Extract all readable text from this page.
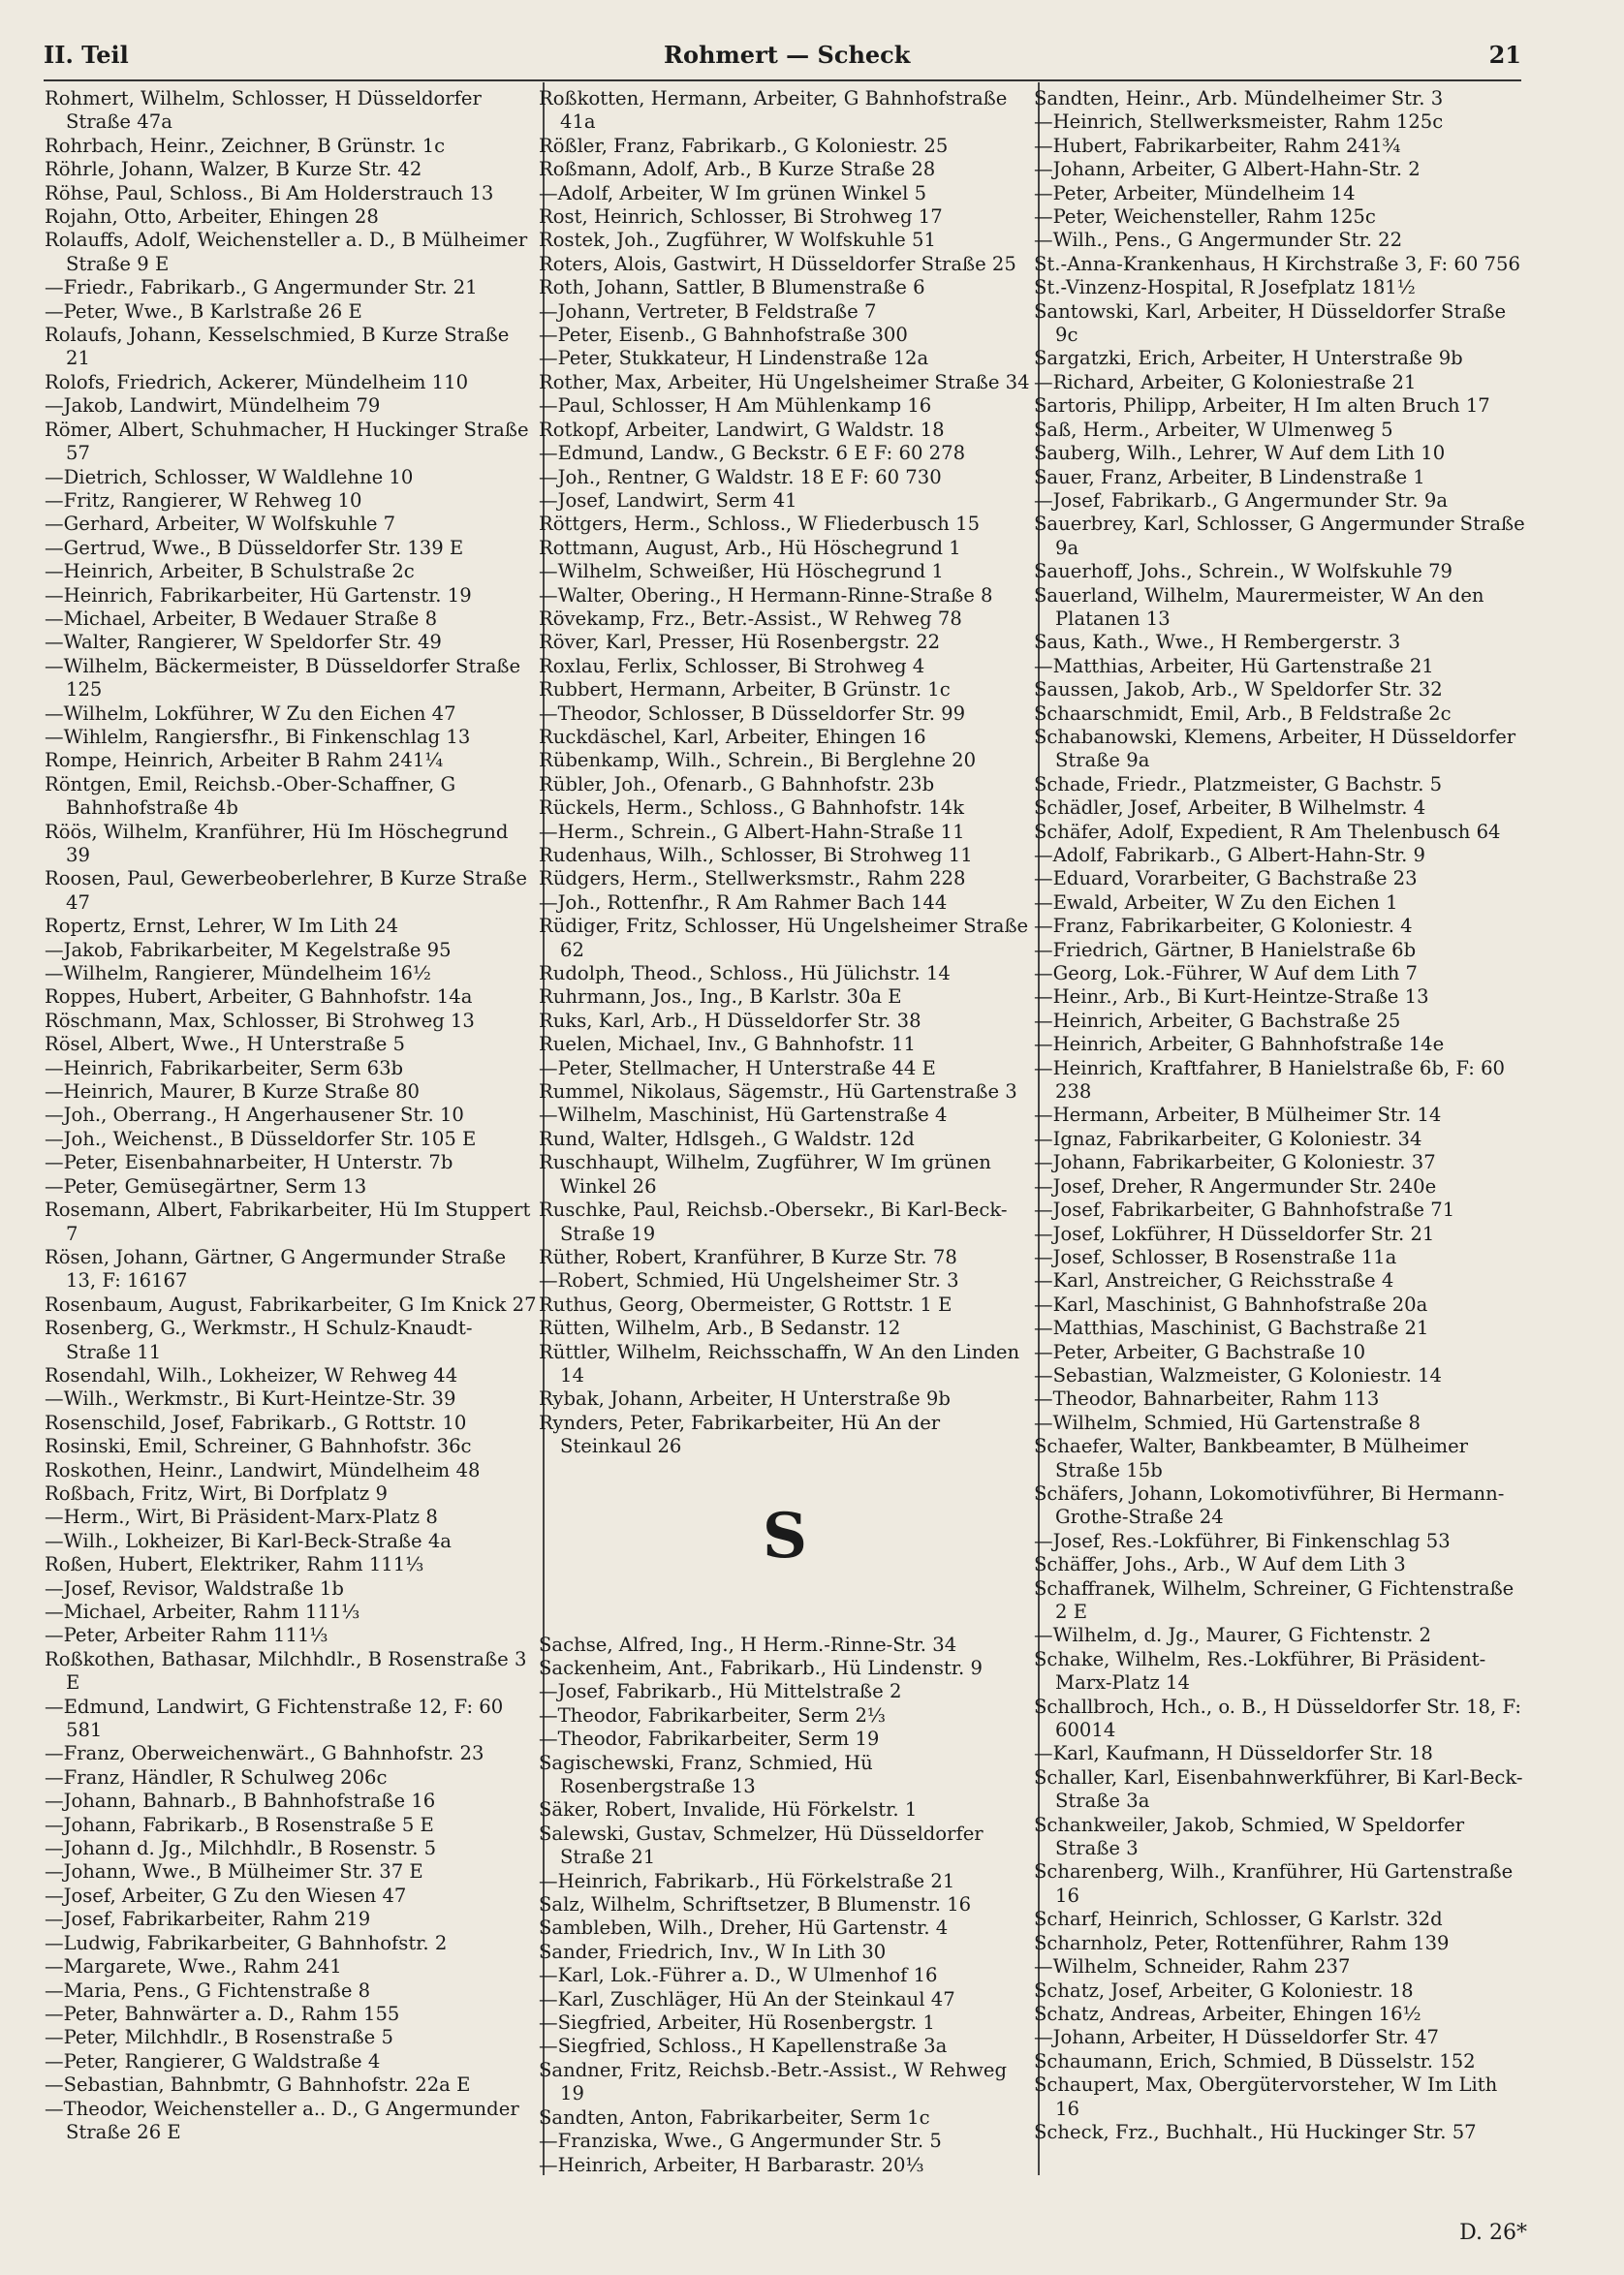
II. Teil	Rohmert — Scheck	21
Rohmert, Wilhelm, Schlosser, H Düsseldorfer Straße 47a
Rohrbach, Heinr., Zeichner, B Grünstr. 1c
Röhrle, Johann, Walzer, B Kurze Str. 42
Röhse, Paul, Schloss., Bi Am Holderstrauch 13
Rojahn, Otto, Arbeiter, Ehingen 28
Rolauffs, Adolf, Weichensteller a. D., B Mülheimer Straße 9 E
—Friedr., Fabrikarb., G Angermunder Str. 21
—Peter, Wwe., B Karlstraße 26 E
Rolaufs, Johann, Kesselschmied, B Kurze Straße 21
Rolofs, Friedrich, Ackerer, Mündelheim 110
—Jakob, Landwirt, Mündelheim 79
Römer, Albert, Schuhmacher, H Huckinger Straße 57
—Dietrich, Schlosser, W Waldlehne 10
—Fritz, Rangierer, W Rehweg 10
—Gerhard, Arbeiter, W Wolfskuhle 7
—Gertrud, Wwe., B Düsseldorfer Str. 139 E
—Heinrich, Arbeiter, B Schulstraße 2c
—Heinrich, Fabrikarbeiter, Hü Gartenstr. 19
—Michael, Arbeiter, B Wedauer Straße 8
—Walter, Rangierer, W Speldorfer Str. 49
—Wilhelm, Bäckermeister, B Düsseldorfer Straße 125
—Wilhelm, Lokführer, W Zu den Eichen 47
—Wihlelm, Rangiersfhr., Bi Finkenschlag 13
Rompe, Heinrich, Arbeiter B Rahm 241¼
Röntgen, Emil, Reichsb.-Ober-Schaffner, G Bahnhofstraße 4b
Röös, Wilhelm, Kranführer, Hü Im Höschegrund 39
Roosen, Paul, Gewerbeoberlehrer, B Kurze Straße 47
Ropertz, Ernst, Lehrer, W Im Lith 24
—Jakob, Fabrikarbeiter, M Kegelstraße 95
—Wilhelm, Rangierer, Mündelheim 16½
Roppes, Hubert, Arbeiter, G Bahnhofstr. 14a
Röschmann, Max, Schlosser, Bi Strohweg 13
Rösel, Albert, Wwe., H Unterstraße 5
—Heinrich, Fabrikarbeiter, Serm 63b
—Heinrich, Maurer, B Kurze Straße 80
—Joh., Oberrang., H Angerhausener Str. 10
—Joh., Weichenst., B Düsseldorfer Str. 105 E
—Peter, Eisenbahnarbeiter, H Unterstr. 7b
—Peter, Gemüsegärtner, Serm 13
Rosemann, Albert, Fabrikarbeiter, Hü Im Stuppert 7
Rösen, Johann, Gärtner, G Angermunder Straße 13, F: 16167
Rosenbaum, August, Fabrikarbeiter, G Im Knick 27
Rosenberg, G., Werkmstr., H Schulz-Knaudt-Straße 11
Rosendahl, Wilh., Lokheizer, W Rehweg 44
—Wilh., Werkmstr., Bi Kurt-Heintze-Str. 39
Rosenschild, Josef, Fabrikarb., G Rottstr. 10
Rosinski, Emil, Schreiner, G Bahnhofstr. 36c
Roskothen, Heinr., Landwirt, Mündelheim 48
Roßbach, Fritz, Wirt, Bi Dorfplatz 9
—Herm., Wirt, Bi Präsident-Marx-Platz 8
—Wilh., Lokheizer, Bi Karl-Beck-Straße 4a
Roßen, Hubert, Elektriker, Rahm 111⅓
—Josef, Revisor, Waldstraße 1b
—Michael, Arbeiter, Rahm 111⅓
—Peter, Arbeiter Rahm 111⅓
Roßkothen, Bathasar, Milchhdlr., B Rosenstraße 3 E
—Edmund, Landwirt, G Fichtenstraße 12, F: 60 581
—Franz, Oberweichenwärt., G Bahnhofstr. 23
—Franz, Händler, R Schulweg 206c
—Johann, Bahnarb., B Bahnhofstraße 16
—Johann, Fabrikarb., B Rosenstraße 5 E
—Johann d. Jg., Milchhdlr., B Rosenstr. 5
—Johann, Wwe., B Mülheimer Str. 37 E
—Josef, Arbeiter, G Zu den Wiesen 47
—Josef, Fabrikarbeiter, Rahm 219
—Ludwig, Fabrikarbeiter, G Bahnhofstr. 2
—Margarete, Wwe., Rahm 241
—Maria, Pens., G Fichtenstraße 8
—Peter, Bahnwärter a. D., Rahm 155
—Peter, Milchhdlr., B Rosenstraße 5
—Peter, Rangierer, G Waldstraße 4
—Sebastian, Bahnbmtr, G Bahnhofstr. 22a E
—Theodor, Weichensteller a.. D., G Angermunder Straße 26 E
Roßkotten, Hermann, Arbeiter, G Bahnhofstraße 41a
Rößler, Franz, Fabrikarb., G Koloniestr. 25
Roßmann, Adolf, Arb., B Kurze Straße 28
—Adolf, Arbeiter, W Im grünen Winkel 5
Rost, Heinrich, Schlosser, Bi Strohweg 17
Rostek, Joh., Zugführer, W Wolfskuhle 51
Roters, Alois, Gastwirt, H Düsseldorfer Straße 25
Roth, Johann, Sattler, B Blumenstraße 6
—Johann, Vertreter, B Feldstraße 7
—Peter, Eisenb., G Bahnhofstraße 300
—Peter, Stukkateur, H Lindenstraße 12a
Rother, Max, Arbeiter, Hü Ungelsheimer Straße 34
—Paul, Schlosser, H Am Mühlenkamp 16
Rotkopf, Arbeiter, Landwirt, G Waldstr. 18
—Edmund, Landw., G Beckstr. 6 E F: 60 278
—Joh., Rentner, G Waldstr. 18 E F: 60 730
—Josef, Landwirt, Serm 41
Röttgers, Herm., Schloss., W Fliederbusch 15
Rottmann, August, Arb., Hü Höschegrund 1
—Wilhelm, Schweißer, Hü Höschegrund 1
—Walter, Obering., H Hermann-Rinne-Straße 8
Rövekamp, Frz., Betr.-Assist., W Rehweg 78
Röver, Karl, Presser, Hü Rosenbergstr. 22
Roxlau, Ferlix, Schlosser, Bi Strohweg 4
Rubbert, Hermann, Arbeiter, B Grünstr. 1c
—Theodor, Schlosser, B Düsseldorfer Str. 99
Ruckdäschel, Karl, Arbeiter, Ehingen 16
Rübenkamp, Wilh., Schrein., Bi Berglehne 20
Rübler, Joh., Ofenarb., G Bahnhofstr. 23b
Rückels, Herm., Schloss., G Bahnhofstr. 14k
—Herm., Schrein., G Albert-Hahn-Straße 11
Rudenhaus, Wilh., Schlosser, Bi Strohweg 11
Rüdgers, Herm., Stellwerksmstr., Rahm 228
—Joh., Rottenfhr., R Am Rahmer Bach 144
Rüdiger, Fritz, Schlosser, Hü Ungelsheimer Straße 62
Rudolph, Theod., Schloss., Hü Jülichstr. 14
Ruhrmann, Jos., Ing., B Karlstr. 30a E
Ruks, Karl, Arb., H Düsseldorfer Str. 38
Ruelen, Michael, Inv., G Bahnhofstr. 11
—Peter, Stellmacher, H Unterstraße 44 E
Rummel, Nikolaus, Sägemstr., Hü Gartenstraße 3
—Wilhelm, Maschinist, Hü Gartenstraße 4
Rund, Walter, Hdlsgeh., G Waldstr. 12d
Ruschhaupt, Wilhelm, Zugführer, W Im grünen Winkel 26
Ruschke, Paul, Reichsb.-Obersekr., Bi Karl-Beck-Straße 19
Rüther, Robert, Kranführer, B Kurze Str. 78
—Robert, Schmied, Hü Ungelsheimer Str. 3
Ruthus, Georg, Obermeister, G Rottstr. 1 E
Rütten, Wilhelm, Arb., B Sedanstr. 12
Rüttler, Wilhelm, Reichsschaffn, W An den Linden 14
Rybak, Johann, Arbeiter, H Unterstraße 9b
Rynders, Peter, Fabrikarbeiter, Hü An der Steinkaul 26
S
Sachse, Alfred, Ing., H Herm.-Rinne-Str. 34
Sackenheim, Ant., Fabrikarb., Hü Lindenstr. 9
—Josef, Fabrikarb., Hü Mittelstraße 2
—Theodor, Fabrikarbeiter, Serm 2⅓
—Theodor, Fabrikarbeiter, Serm 19
Sagischewski, Franz, Schmied, Hü Rosenbergstraße 13
Säker, Robert, Invalide, Hü Förkelstr. 1
Salewski, Gustav, Schmelzer, Hü Düsseldorfer Straße 21
—Heinrich, Fabrikarb., Hü Förkelstraße 21
Salz, Wilhelm, Schriftsetzer, B Blumenstr. 16
Sambleben, Wilh., Dreher, Hü Gartenstr. 4
Sander, Friedrich, Inv., W In Lith 30
—Karl, Lok.-Führer a. D., W Ulmenhof 16
—Karl, Zuschläger, Hü An der Steinkaul 47
—Siegfried, Arbeiter, Hü Rosenbergstr. 1
—Siegfried, Schloss., H Kapellenstraße 3a
Sandner, Fritz, Reichsb.-Betr.-Assist., W Rehweg 19
Sandten, Anton, Fabrikarbeiter, Serm 1c
—Franziska, Wwe., G Angermunder Str. 5
—Heinrich, Arbeiter, H Barbarastr. 20⅓
Sandten, Heinr., Arb. Mündelheimer Str. 3
—Heinrich, Stellwerksmeister, Rahm 125c
—Hubert, Fabrikarbeiter, Rahm 241¾
—Johann, Arbeiter, G Albert-Hahn-Str. 2
—Peter, Arbeiter, Mündelheim 14
—Peter, Weichensteller, Rahm 125c
—Wilh., Pens., G Angermunder Str. 22
St.-Anna-Krankenhaus, H Kirchstraße 3, F: 60 756
St.-Vinzenz-Hospital, R Josefplatz 181½
Santowski, Karl, Arbeiter, H Düsseldorfer Straße 9c
Sargatzki, Erich, Arbeiter, H Unterstraße 9b
—Richard, Arbeiter, G Koloniestraße 21
Sartoris, Philipp, Arbeiter, H Im alten Bruch 17
Saß, Herm., Arbeiter, W Ulmenweg 5
Sauberg, Wilh., Lehrer, W Auf dem Lith 10
Sauer, Franz, Arbeiter, B Lindenstraße 1
—Josef, Fabrikarb., G Angermunder Str. 9a
Sauerbrey, Karl, Schlosser, G Angermunder Straße 9a
Sauerhoff, Johs., Schrein., W Wolfskuhle 79
Sauerland, Wilhelm, Maurermeister, W An den Platanen 13
Saus, Kath., Wwe., H Rembergerstr. 3
—Matthias, Arbeiter, Hü Gartenstraße 21
Saussen, Jakob, Arb., W Speldorfer Str. 32
Schaarschmidt, Emil, Arb., B Feldstraße 2c
Schabanowski, Klemens, Arbeiter, H Düsseldorfer Straße 9a
Schade, Friedr., Platzmeister, G Bachstr. 5
Schädler, Josef, Arbeiter, B Wilhelmstr. 4
Schäfer, Adolf, Expedient, R Am Thelenbusch 64
—Adolf, Fabrikarb., G Albert-Hahn-Str. 9
—Eduard, Vorarbeiter, G Bachstraße 23
—Ewald, Arbeiter, W Zu den Eichen 1
—Franz, Fabrikarbeiter, G Koloniestr. 4
—Friedrich, Gärtner, B Hanielstraße 6b
—Georg, Lok.-Führer, W Auf dem Lith 7
—Heinr., Arb., Bi Kurt-Heintze-Straße 13
—Heinrich, Arbeiter, G Bachstraße 25
—Heinrich, Arbeiter, G Bahnhofstraße 14e
—Heinrich, Kraftfahrer, B Hanielstraße 6b, F: 60 238
—Hermann, Arbeiter, B Mülheimer Str. 14
—Ignaz, Fabrikarbeiter, G Koloniestr. 34
—Johann, Fabrikarbeiter, G Koloniestr. 37
—Josef, Dreher, R Angermunder Str. 240e
—Josef, Fabrikarbeiter, G Bahnhofstraße 71
—Josef, Lokführer, H Düsseldorfer Str. 21
—Josef, Schlosser, B Rosenstraße 11a
—Karl, Anstreicher, G Reichsstraße 4
—Karl, Maschinist, G Bahnhofstraße 20a
—Matthias, Maschinist, G Bachstraße 21
—Peter, Arbeiter, G Bachstraße 10
—Sebastian, Walzmeister, G Koloniestr. 14
—Theodor, Bahnarbeiter, Rahm 113
—Wilhelm, Schmied, Hü Gartenstraße 8
Schaefer, Walter, Bankbeamter, B Mülheimer Straße 15b
Schäfers, Johann, Lokomotivführer, Bi Hermann-Grothe-Straße 24
—Josef, Res.-Lokführer, Bi Finkenschlag 53
Schäffer, Johs., Arb., W Auf dem Lith 3
Schaffranek, Wilhelm, Schreiner, G Fichtenstraße 2 E
—Wilhelm, d. Jg., Maurer, G Fichtenstr. 2
Schake, Wilhelm, Res.-Lokführer, Bi Präsident-Marx-Platz 14
Schallbroch, Hch., o. B., H Düsseldorfer Str. 18, F: 60014
—Karl, Kaufmann, H Düsseldorfer Str. 18
Schaller, Karl, Eisenbahnwerkführer, Bi Karl-Beck-Straße 3a
Schankweiler, Jakob, Schmied, W Speldorfer Straße 3
Scharenberg, Wilh., Kranführer, Hü Gartenstraße 16
Scharf, Heinrich, Schlosser, G Karlstr. 32d
Scharnholz, Peter, Rottenführer, Rahm 139
—Wilhelm, Schneider, Rahm 237
Schatz, Josef, Arbeiter, G Koloniestr. 18
Schatz, Andreas, Arbeiter, Ehingen 16½
—Johann, Arbeiter, H Düsseldorfer Str. 47
Schaumann, Erich, Schmied, B Düsselstr. 152
Schaupert, Max, Obergütervorsteher, W Im Lith 16
Scheck, Frz., Buchhalt., Hü Huckinger Str. 57
D. 26*
